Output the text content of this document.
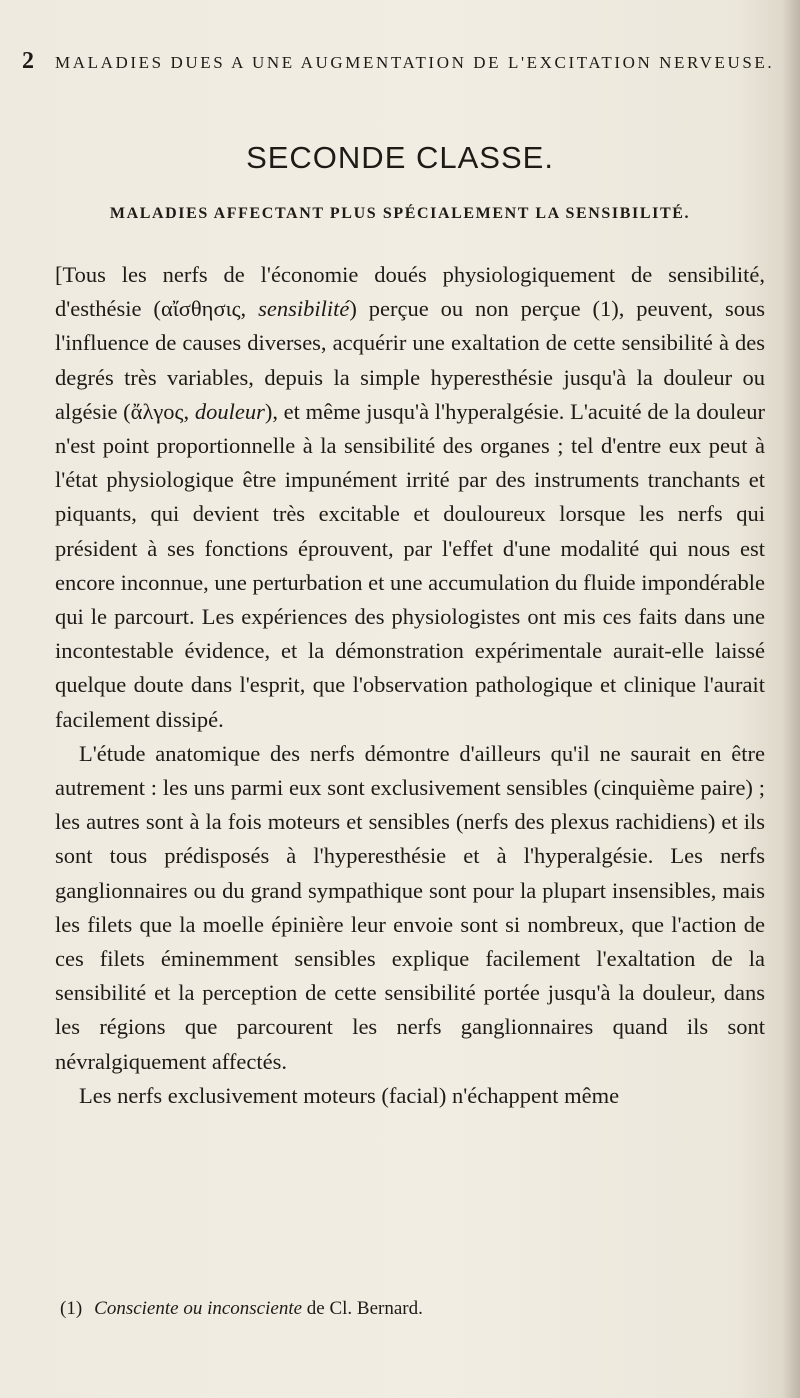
2 MALADIES DUES A UNE AUGMENTATION DE L'EXCITATION NERVEUSE.
SECONDE CLASSE.
MALADIES AFFECTANT PLUS SPÉCIALEMENT LA SENSIBILITÉ.

[Tous les nerfs de l'économie doués physiologiquement de sensibilité, d'esthésie (αἴσθησις, sensibilité) perçue ou non perçue (1), peuvent, sous l'influence de causes diverses, acquérir une exaltation de cette sensibilité à des degrés très variables, depuis la simple hyperesthésie jusqu'à la douleur ou algésie (ἄλγος, douleur), et même jusqu'à l'hyperalgésie. L'acuité de la douleur n'est point proportionnelle à la sensibilité des organes ; tel d'entre eux peut à l'état physiologique être impunément irrité par des instruments tranchants et piquants, qui devient très excitable et douloureux lorsque les nerfs qui président à ses fonctions éprouvent, par l'effet d'une modalité qui nous est encore inconnue, une perturbation et une accumulation du fluide impondérable qui le parcourt. Les expériences des physiologistes ont mis ces faits dans une incontestable évidence, et la démonstration expérimentale aurait-elle laissé quelque doute dans l'esprit, que l'observation pathologique et clinique l'aurait facilement dissipé.

L'étude anatomique des nerfs démontre d'ailleurs qu'il ne saurait en être autrement : les uns parmi eux sont exclusivement sensibles (cinquième paire) ; les autres sont à la fois moteurs et sensibles (nerfs des plexus rachidiens) et ils sont tous prédisposés à l'hyperesthésie et à l'hyperalgésie. Les nerfs ganglionnaires ou du grand sympathique sont pour la plupart insensibles, mais les filets que la moelle épinière leur envoie sont si nombreux, que l'action de ces filets éminemment sensibles explique facilement l'exaltation de la sensibilité et la perception de cette sensibilité portée jusqu'à la douleur, dans les régions que parcourent les nerfs ganglionnaires quand ils sont névralgiquement affectés.

Les nerfs exclusivement moteurs (facial) n'échappent même

(1) Consciente ou inconsciente de Cl. Bernard.
